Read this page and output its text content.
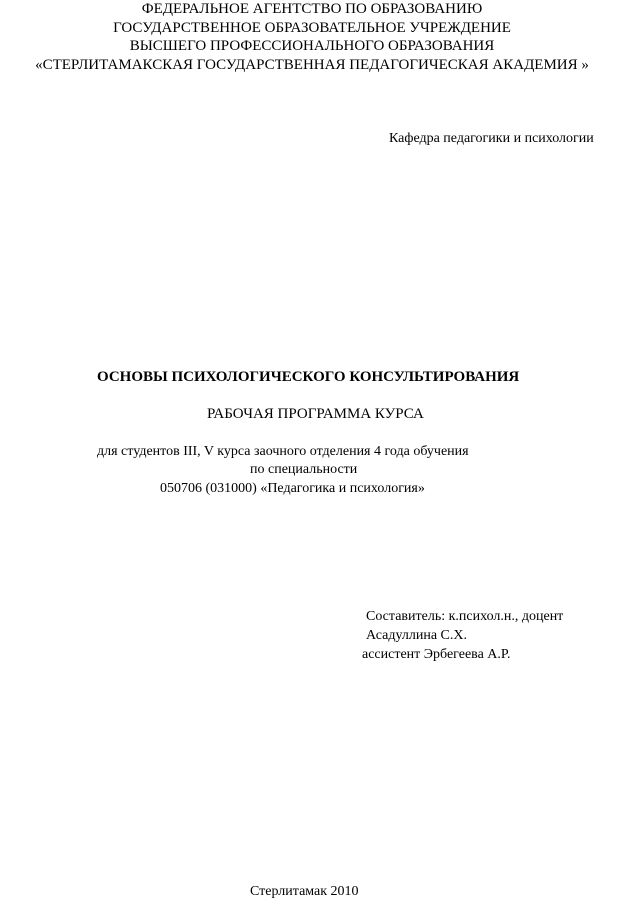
ФЕДЕРАЛЬНОЕ АГЕНТСТВО ПО ОБРАЗОВАНИЮ
ГОСУДАРСТВЕННОЕ ОБРАЗОВАТЕЛЬНОЕ УЧРЕЖДЕНИЕ
ВЫСШЕГО ПРОФЕССИОНАЛЬНОГО ОБРАЗОВАНИЯ
«СТЕРЛИТАМАКСКАЯ ГОСУДАРСТВЕННАЯ ПЕДАГОГИЧЕСКАЯ АКАДЕМИЯ »
Кафедра педагогики и психологии
ОСНОВЫ ПСИХОЛОГИЧЕСКОГО КОНСУЛЬТИРОВАНИЯ
РАБОЧАЯ ПРОГРАММА КУРСА
для студентов III, V курса заочного отделения 4 года обучения
по специальности
050706 (031000) «Педагогика и психология»
Составитель: к.психол.н., доцент
Асадуллина С.Х.
ассистент Эрбегеева А.Р.
Стерлитамак 2010
